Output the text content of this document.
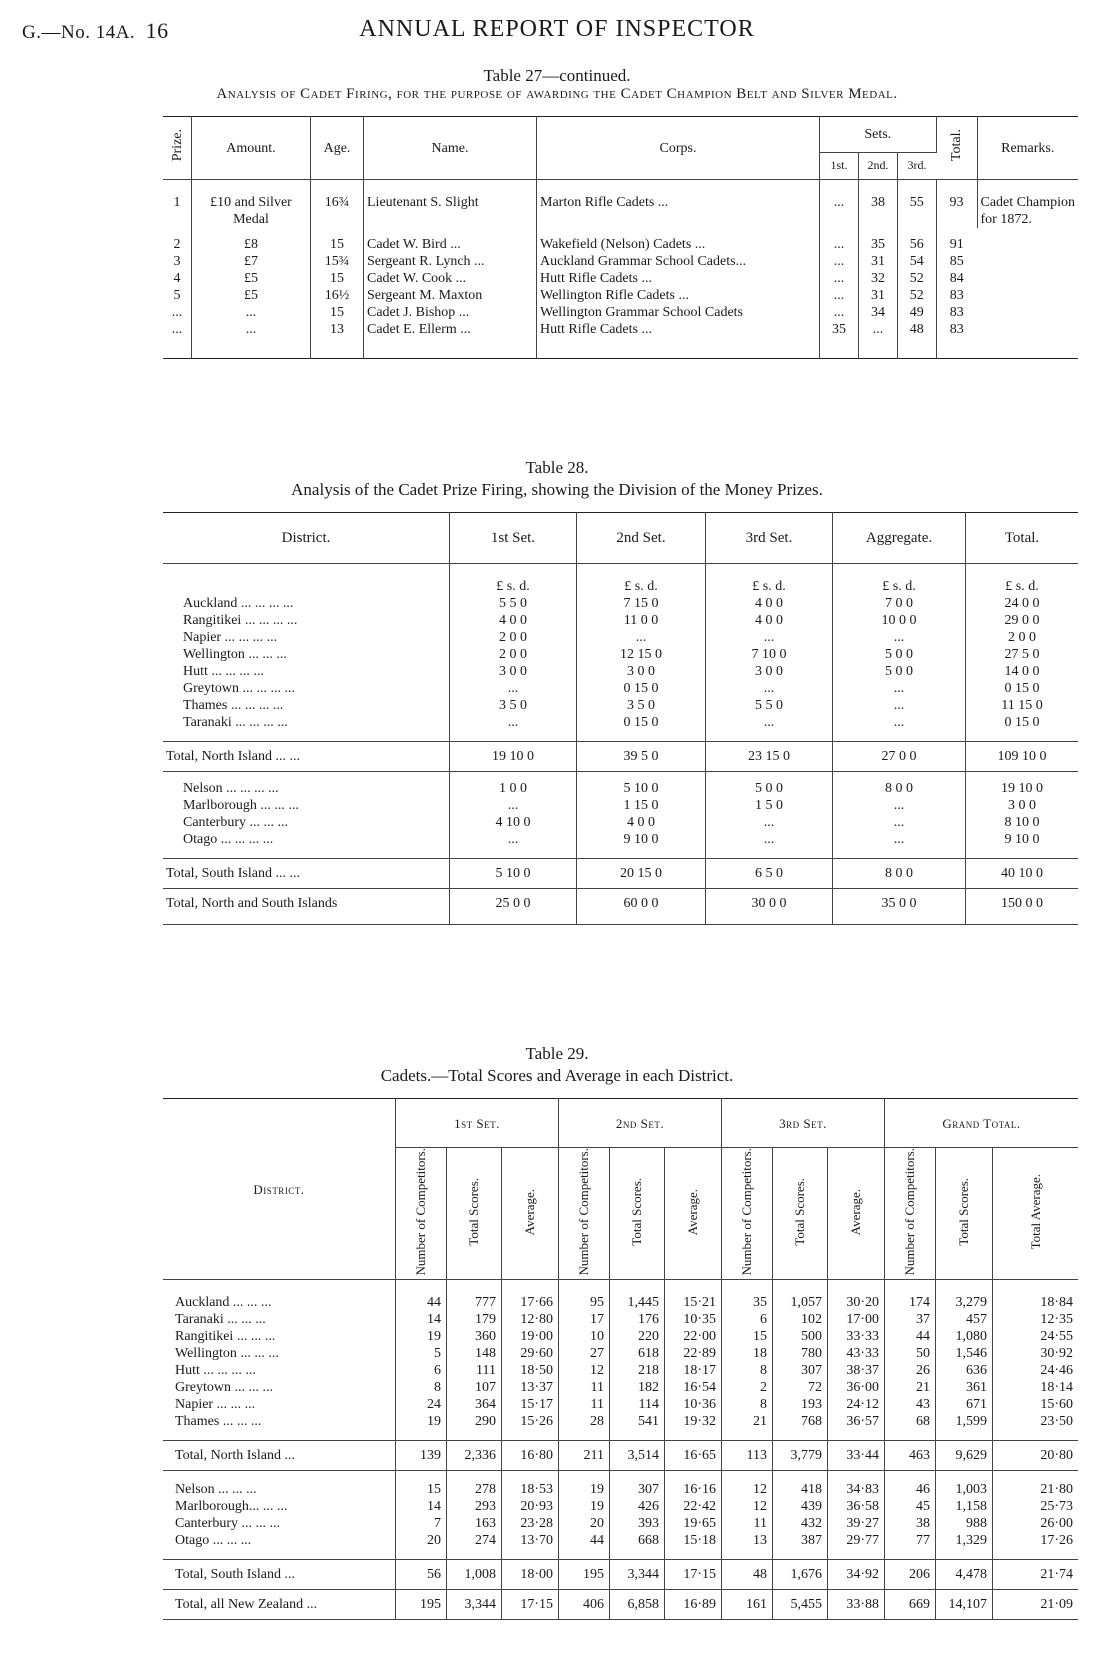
G.—No. 14A. 16	ANNUAL REPORT OF INSPECTOR
Table 27—continued.
Analysis of Cadet Firing, for the purpose of awarding the Cadet Champion Belt and Silver Medal.
Prize.	Amount.	Age.	Name.	Corps.	Sets.			Total.	Remarks.
					1st.	2nd.	3rd.		
1	£10 and Silver Medal	16¾	Lieutenant S. Slight	Marton Rifle Cadets ...	...	38	55	93	Cadet Champion for 1872.
2	£8	15	Cadet W. Bird ...	Wakefield (Nelson) Cadets ...	...	35	56	91	
3	£7	15¾	Sergeant R. Lynch ...	Auckland Grammar School Cadets...	...	31	54	85	
4	£5	15	Cadet W. Cook ...	Hutt Rifle Cadets ...	...	32	52	84	
5	£5	16½	Sergeant M. Maxton	Wellington Rifle Cadets ...	...	31	52	83	
...	...	15	Cadet J. Bishop ...	Wellington Grammar School Cadets	...	34	49	83	
...	...	13	Cadet E. Ellerm ...	Hutt Rifle Cadets ...	35	...	48	83	
Table 28.
Analysis of the Cadet Prize Firing, showing the Division of the Money Prizes.
District.	1st Set.	2nd Set.	3rd Set.	Aggregate.	Total.
	£ s. d.	£ s. d.	£ s. d.	£ s. d.	£ s. d.
Auckland ... ... ... ...	5 5 0	7 15 0	4 0 0	7 0 0	24 0 0
Rangitikei ... ... ... ...	4 0 0	11 0 0	4 0 0	10 0 0	29 0 0
Napier ... ... ... ...	2 0 0	...	...	...	2 0 0
Wellington ... ... ...	2 0 0	12 15 0	7 10 0	5 0 0	27 5 0
Hutt ... ... ... ...	3 0 0	3 0 0	3 0 0	5 0 0	14 0 0
Greytown ... ... ... ...	...	0 15 0	...	...	0 15 0
Thames ... ... ... ...	3 5 0	3 5 0	5 5 0	...	11 15 0
Taranaki ... ... ... ...	...	0 15 0	...	...	0 15 0
Total, North Island ... ...	19 10 0	39 5 0	23 15 0	27 0 0	109 10 0
Nelson ... ... ... ...	1 0 0	5 10 0	5 0 0	8 0 0	19 10 0
Marlborough ... ... ...	...	1 15 0	1 5 0	...	3 0 0
Canterbury ... ... ...	4 10 0	4 0 0	...	...	8 10 0
Otago ... ... ... ...	...	9 10 0	...	...	9 10 0
Total, South Island ... ...	5 10 0	20 15 0	6 5 0	8 0 0	40 10 0
Total, North and South Islands	25 0 0	60 0 0	30 0 0	35 0 0	150 0 0
Table 29.
Cadets.—Total Scores and Average in each District.
District.	1st Set.			2nd Set.			3rd Set.			Grand Total.		
	Number of Competitors.	Total Scores.	Average.	Number of Competitors.	Total Scores.	Average.	Number of Competitors.	Total Scores.	Average.	Number of Competitors.	Total Scores.	Total Average.
Auckland ... ... ...	44	777	17·66	95	1,445	15·21	35	1,057	30·20	174	3,279	18·84
Taranaki ... ... ...	14	179	12·80	17	176	10·35	6	102	17·00	37	457	12·35
Rangitikei ... ... ...	19	360	19·00	10	220	22·00	15	500	33·33	44	1,080	24·55
Wellington ... ... ...	5	148	29·60	27	618	22·89	18	780	43·33	50	1,546	30·92
Hutt ... ... ... ...	6	111	18·50	12	218	18·17	8	307	38·37	26	636	24·46
Greytown ... ... ...	8	107	13·37	11	182	16·54	2	72	36·00	21	361	18·14
Napier ... ... ...	24	364	15·17	11	114	10·36	8	193	24·12	43	671	15·60
Thames ... ... ...	19	290	15·26	28	541	19·32	21	768	36·57	68	1,599	23·50
Total, North Island ...	139	2,336	16·80	211	3,514	16·65	113	3,779	33·44	463	9,629	20·80
Nelson ... ... ...	15	278	18·53	19	307	16·16	12	418	34·83	46	1,003	21·80
Marlborough... ... ...	14	293	20·93	19	426	22·42	12	439	36·58	45	1,158	25·73
Canterbury ... ... ...	7	163	23·28	20	393	19·65	11	432	39·27	38	988	26·00
Otago ... ... ...	20	274	13·70	44	668	15·18	13	387	29·77	77	1,329	17·26
Total, South Island ...	56	1,008	18·00	195	3,344	17·15	48	1,676	34·92	206	4,478	21·74
Total, all New Zealand ...	195	3,344	17·15	406	6,858	16·89	161	5,455	33·88	669	14,107	21·09
